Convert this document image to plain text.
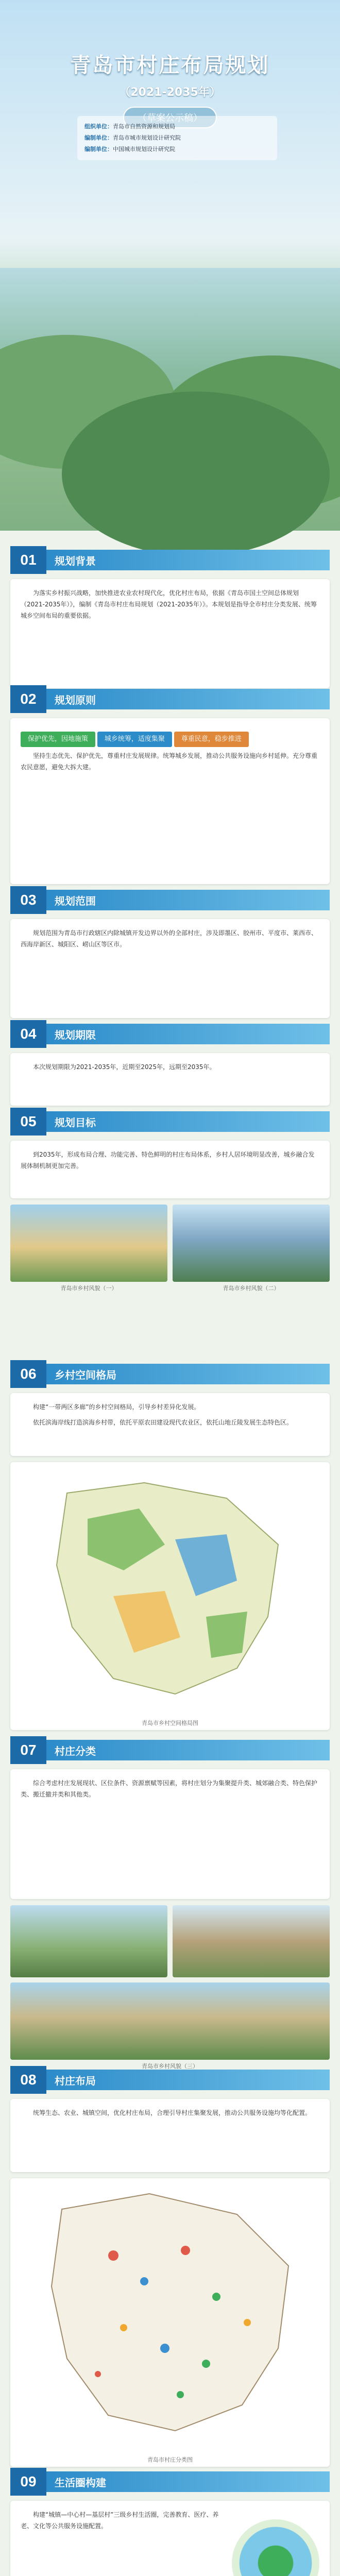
青岛市村庄布局规划
（2021-2035年）
组织单位：青岛市自然资源和规划局
编制单位：青岛市城市规划设计研究院
编制单位：中国城市规划设计研究院
01	规划背景

为落实乡村振兴战略，加快推进农业农村现代化，优化村庄布局，依据《青岛市国土空间总体规划（2021-2035年）》，编制《青岛市村庄布局规划（2021-2035年）》。本规划是指导全市村庄分类发展、统筹城乡空间布局的重要依据。

02	规划原则
保护优先，因地施策 城乡统筹，适度集聚 尊重民意，稳步推进

坚持生态优先、保护优先，尊重村庄发展规律。统筹城乡发展，推动公共服务设施向乡村延伸。充分尊重农民意愿，避免大拆大建。

03	规划范围

规划范围为青岛市行政辖区内除城镇开发边界以外的全部村庄，涉及即墨区、胶州市、平度市、莱西市、西海岸新区、城阳区、崂山区等区市。

04	规划期限

本次规划期限为2021-2035年，近期至2025年，远期至2035年。

05	规划目标

到2035年，形成布局合理、功能完善、特色鲜明的村庄布局体系，乡村人居环境明显改善，城乡融合发展体制机制更加完善。

青岛市乡村风貌（一）	青岛市乡村风貌（二）
06	乡村空间格局

构建“一带两区多廊”的乡村空间格局，引导乡村差异化发展。

依托滨海岸线打造滨海乡村带，依托平原农田建设现代农业区，依托山地丘陵发展生态特色区。

青岛市乡村空间格局图
07	村庄分类

综合考虑村庄发展现状、区位条件、资源禀赋等因素，将村庄划分为集聚提升类、城郊融合类、特色保护类、搬迁撤并类和其他类。

青岛市乡村风貌（三）
08	村庄布局

统筹生态、农业、城镇空间，优化村庄布局，合理引导村庄集聚发展，推动公共服务设施均等化配置。

青岛市村庄分类图
09	生活圈构建

构建“城镇—中心村—基层村”三级乡村生活圈，完善教育、医疗、养老、文化等公共服务设施配置。
